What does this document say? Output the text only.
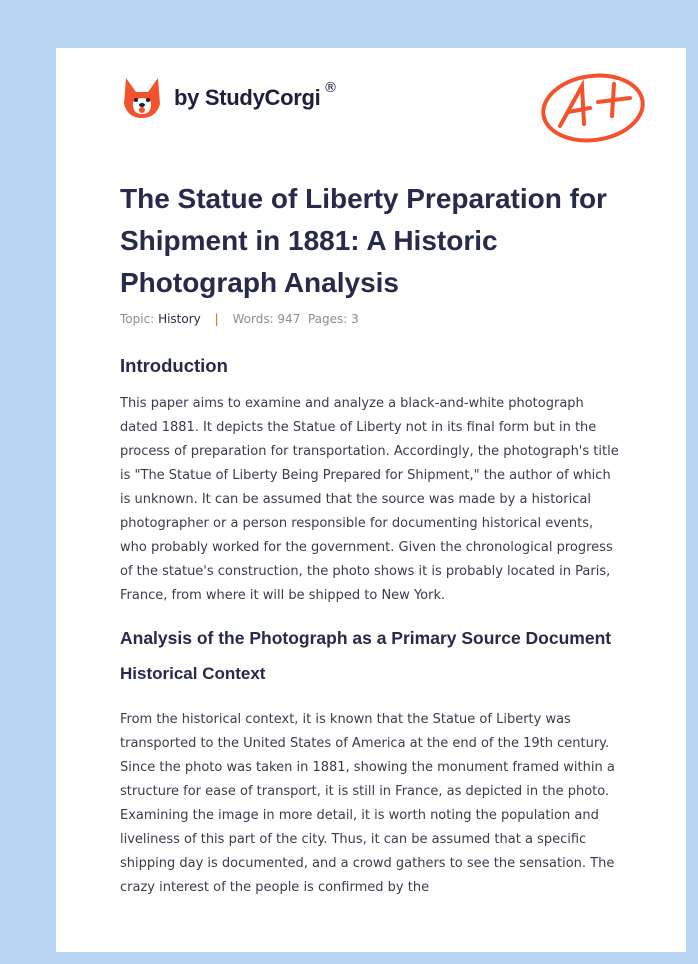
by StudyCorgi ®
The Statue of Liberty Preparation for Shipment in 1881: A Historic Photograph Analysis
Topic: History | Words: 947 Pages: 3
Introduction

This paper aims to examine and analyze a black-and-white photograph dated 1881. It depicts the Statue of Liberty not in its final form but in the process of preparation for transportation. Accordingly, the photograph's title is "The Statue of Liberty Being Prepared for Shipment," the author of which is unknown. It can be assumed that the source was made by a historical photographer or a person responsible for documenting historical events, who probably worked for the government. Given the chronological progress of the statue's construction, the photo shows it is probably located in Paris, France, from where it will be shipped to New York.

Analysis of the Photograph as a Primary Source Document
Historical Context

From the historical context, it is known that the Statue of Liberty was transported to the United States of America at the end of the 19th century. Since the photo was taken in 1881, showing the monument framed within a structure for ease of transport, it is still in France, as depicted in the photo. Examining the image in more detail, it is worth noting the population and liveliness of this part of the city. Thus, it can be assumed that a specific shipping day is documented, and a crowd gathers to see the sensation. The crazy interest of the people is confirmed by the
